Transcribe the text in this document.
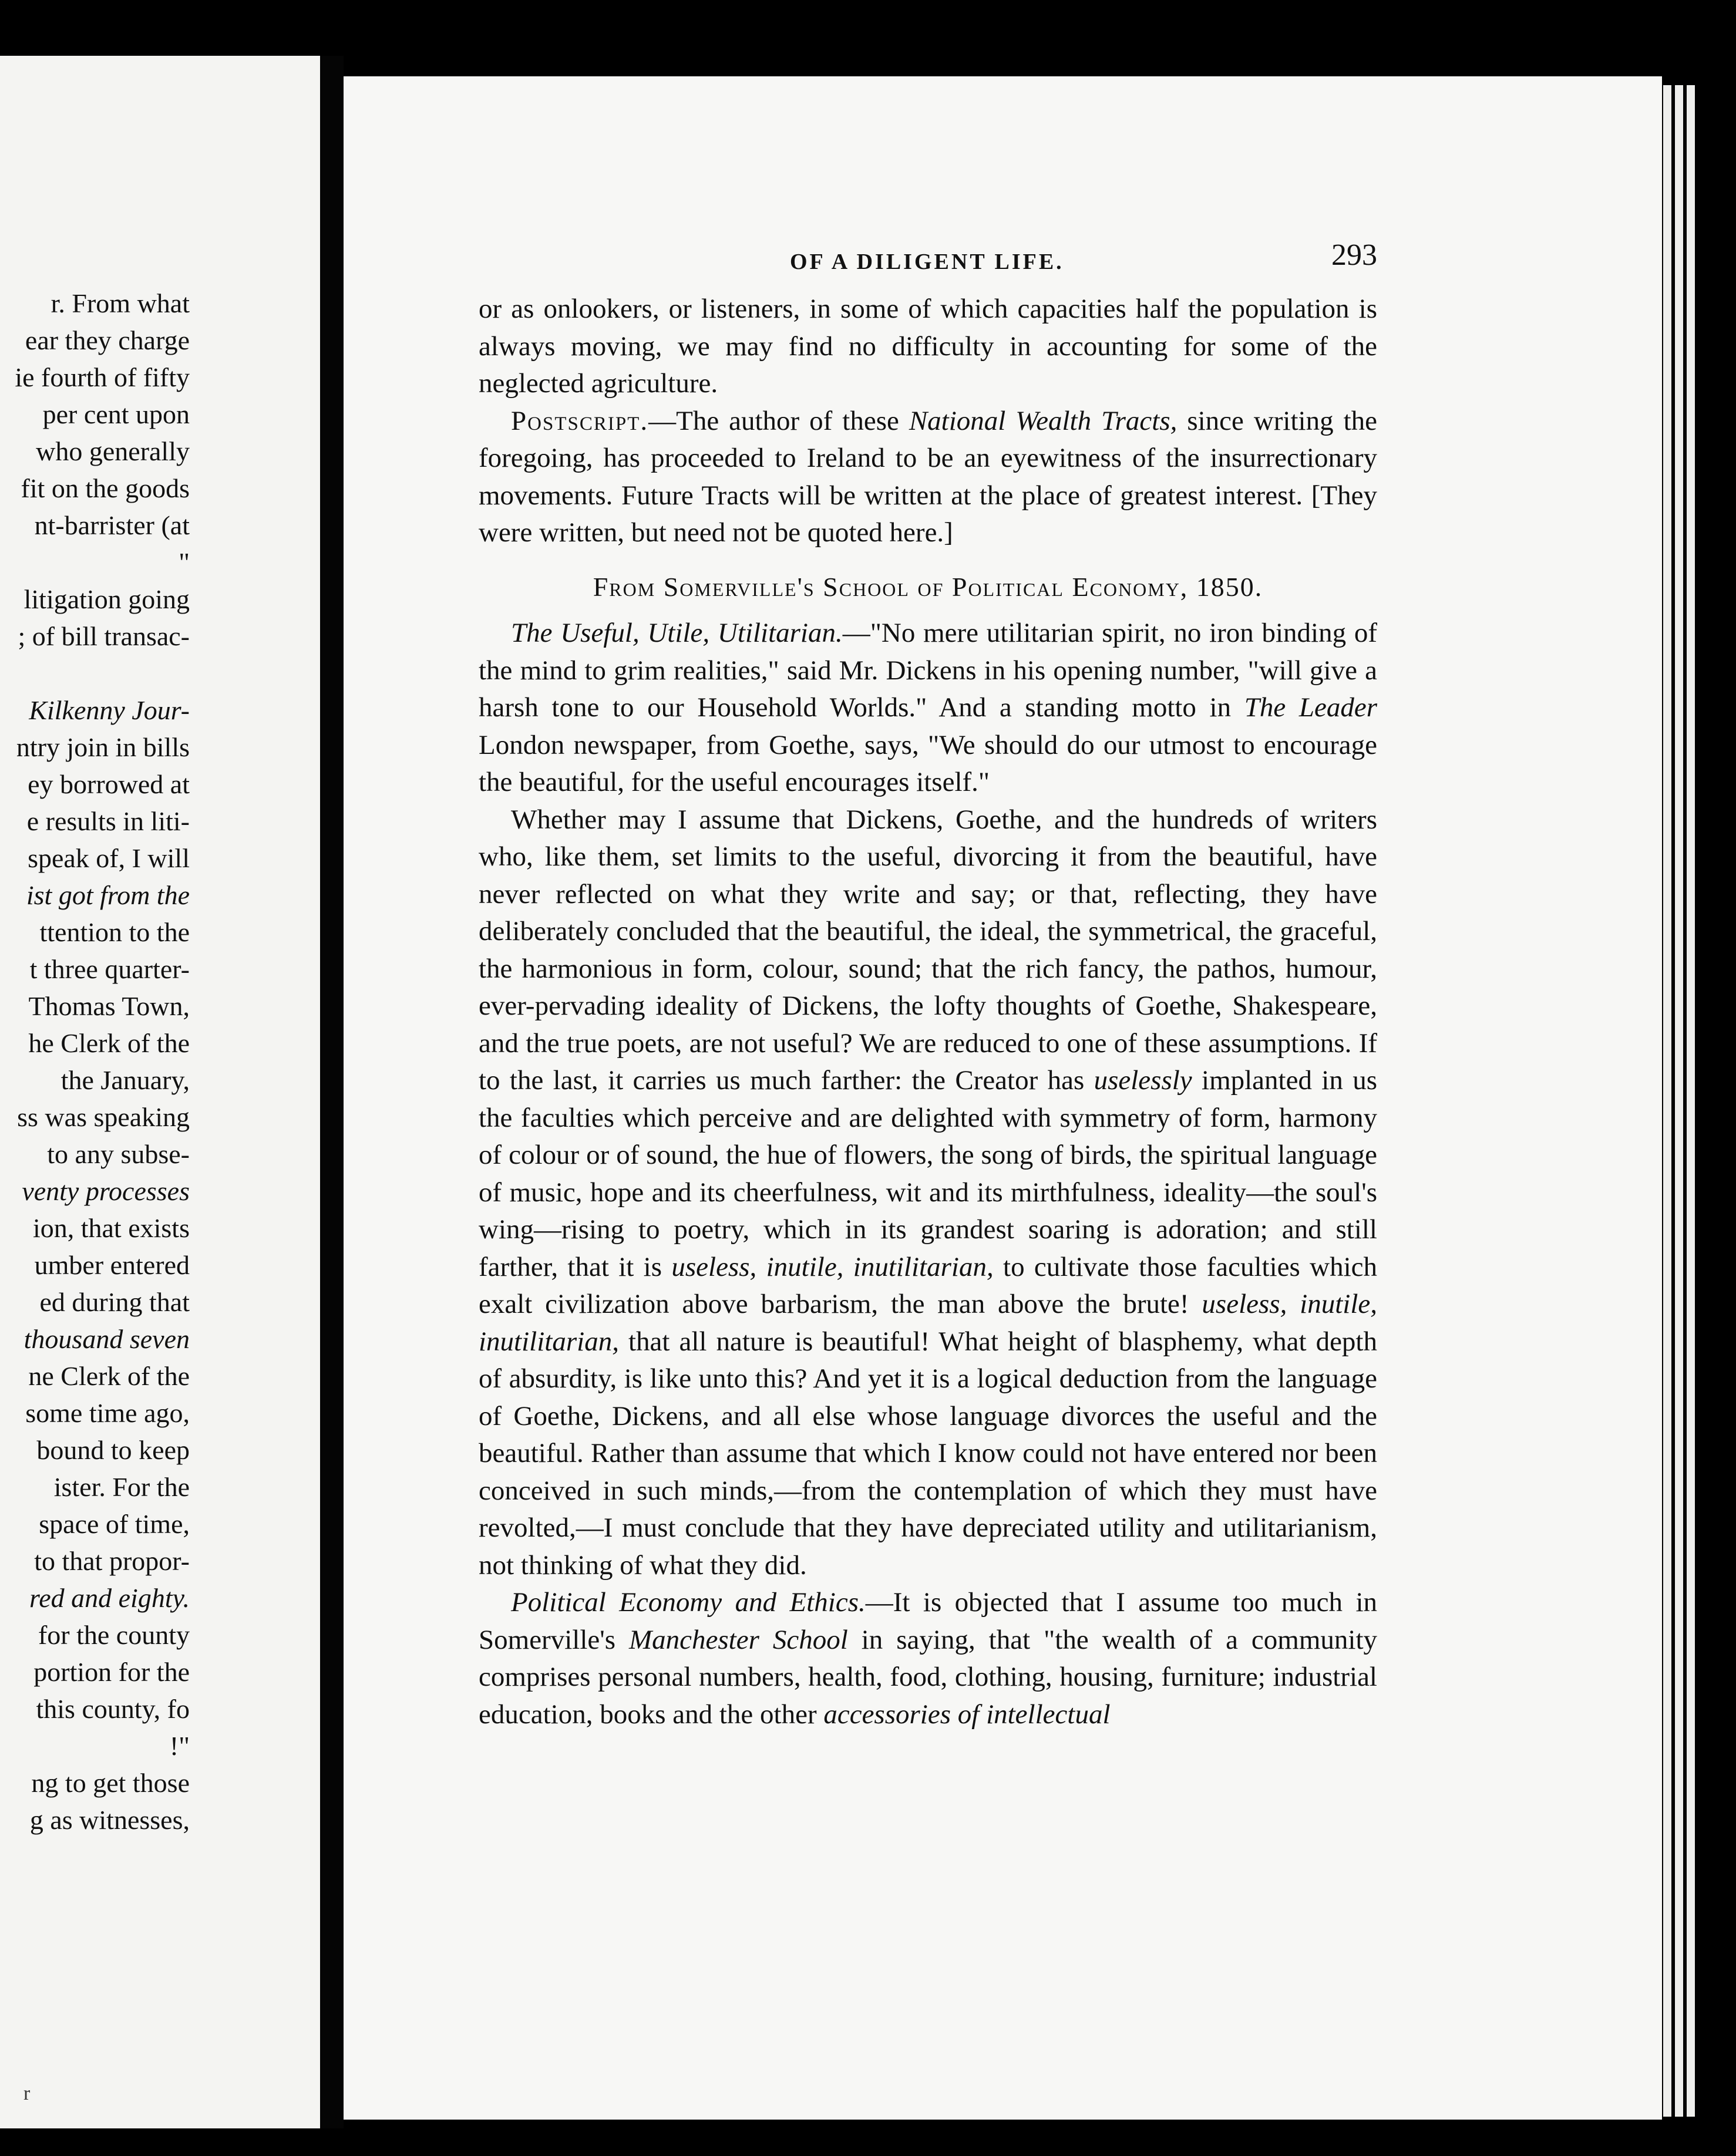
r. From what
ear they charge
ie fourth of fifty
per cent upon
who generally
fit on the goods
nt-barrister (at
"
litigation going
; of bill transac-
Kilkenny Jour-
ntry join in bills
ey borrowed at
e results in liti-
speak of, I will
ist got from the
ttention to the
t three quarter-
Thomas Town,
he Clerk of the
the January,
ss was speaking
to any subse-
venty processes
ion, that exists
umber entered
ed during that
thousand seven
ne Clerk of the
some time ago,
bound to keep
ister. For the
space of time,
to that propor-
red and eighty.
for the county
portion for the
this county, fo
!"
ng to get those
g as witnesses,
r
OF A DILIGENT LIFE.	293

or as onlookers, or listeners, in some of which capacities half the population is always moving, we may find no difficulty in accounting for some of the neglected agriculture.

Postscript.—The author of these National Wealth Tracts, since writing the foregoing, has proceeded to Ireland to be an eyewitness of the insurrectionary movements. Future Tracts will be written at the place of greatest interest. [They were written, but need not be quoted here.]

From Somerville's School of Political Economy, 1850.

The Useful, Utile, Utilitarian.—"No mere utilitarian spirit, no iron binding of the mind to grim realities," said Mr. Dickens in his opening number, "will give a harsh tone to our Household Worlds." And a standing motto in The Leader London newspaper, from Goethe, says, "We should do our utmost to encourage the beautiful, for the useful encourages itself."

Whether may I assume that Dickens, Goethe, and the hundreds of writers who, like them, set limits to the useful, divorcing it from the beautiful, have never reflected on what they write and say; or that, reflecting, they have deliberately concluded that the beautiful, the ideal, the symmetrical, the graceful, the harmonious in form, colour, sound; that the rich fancy, the pathos, humour, ever-pervading ideality of Dickens, the lofty thoughts of Goethe, Shakespeare, and the true poets, are not useful? We are reduced to one of these assumptions. If to the last, it carries us much farther: the Creator has uselessly implanted in us the faculties which perceive and are delighted with symmetry of form, harmony of colour or of sound, the hue of flowers, the song of birds, the spiritual language of music, hope and its cheerfulness, wit and its mirthfulness, ideality—the soul's wing—rising to poetry, which in its grandest soaring is adoration; and still farther, that it is useless, inutile, inutilitarian, to cultivate those faculties which exalt civilization above barbarism, the man above the brute! useless, inutile, inutilitarian, that all nature is beautiful! What height of blasphemy, what depth of absurdity, is like unto this? And yet it is a logical deduction from the language of Goethe, Dickens, and all else whose language divorces the useful and the beautiful. Rather than assume that which I know could not have entered nor been conceived in such minds,—from the contemplation of which they must have revolted,—I must conclude that they have depreciated utility and utilitarianism, not thinking of what they did.

Political Economy and Ethics.—It is objected that I assume too much in Somerville's Manchester School in saying, that "the wealth of a community comprises personal numbers, health, food, clothing, housing, furniture; industrial education, books and the other accessories of intellectual
